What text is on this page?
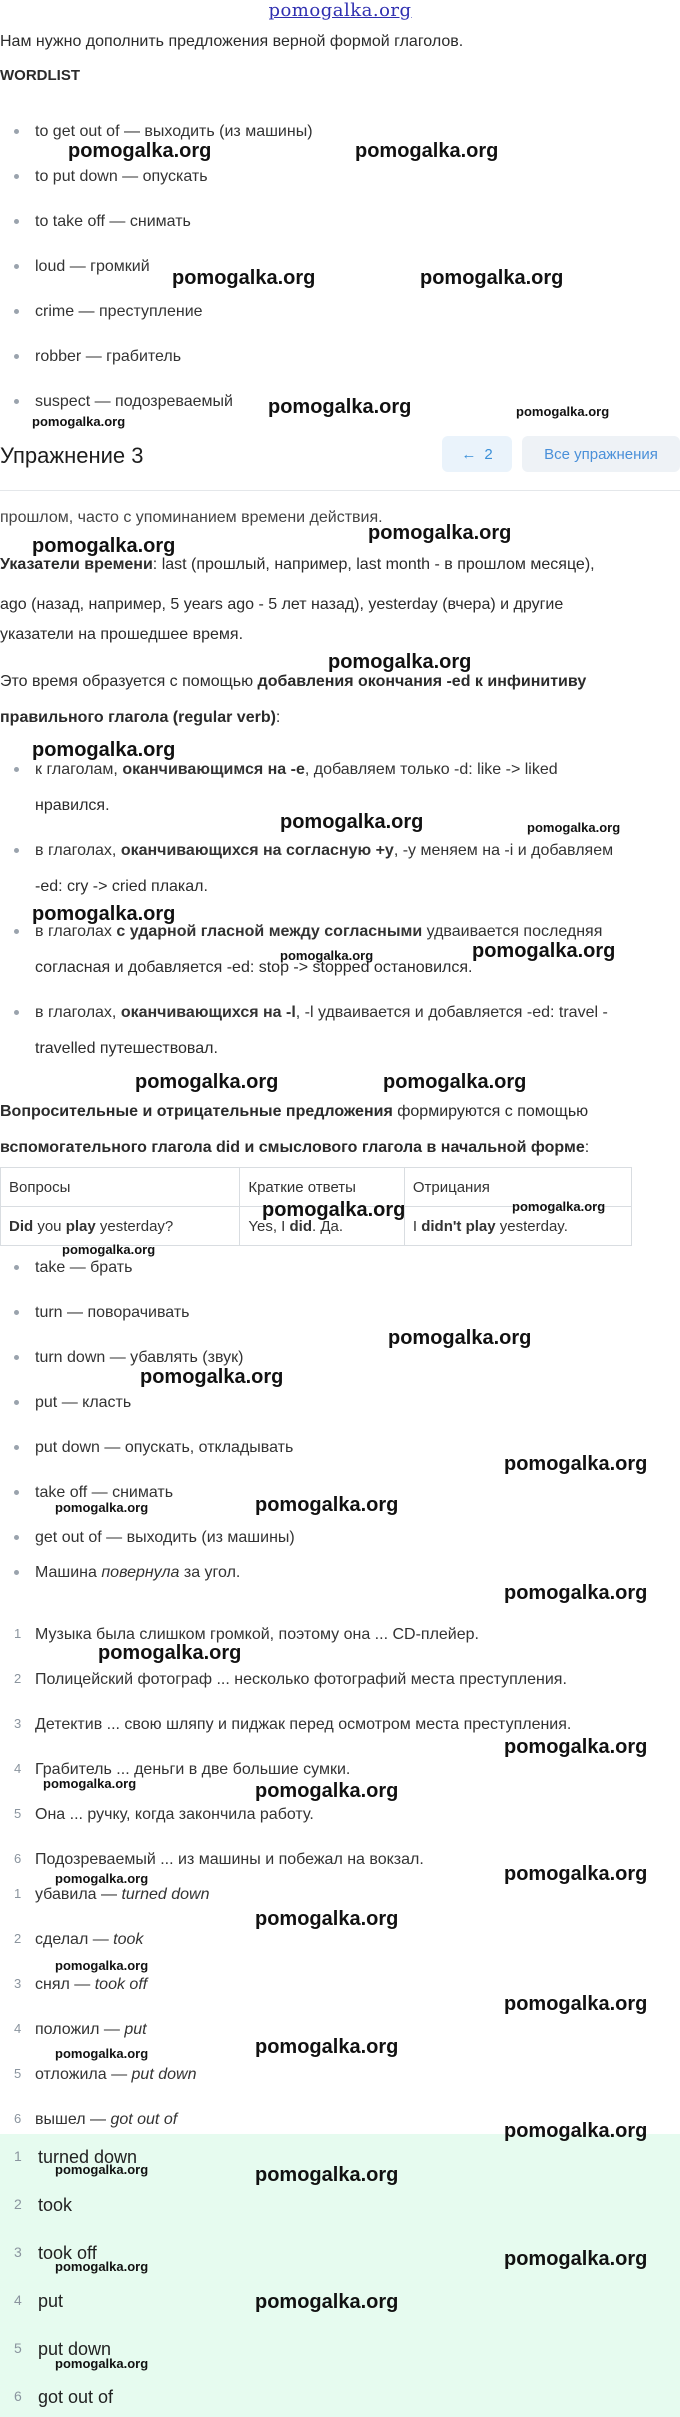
pomogalka.org
Нам нужно дополнить предложения верной формой глаголов.
WORDLIST
to get out of — выходить (из машины)
to put down — опускать
to take off — снимать
loud — громкий
crime — преступление
robber — грабитель
suspect — подозреваемый
Упражнение 3	← 2	Все упражнения
прошлом, часто с упоминанием времени действия.
Указатели времени: last (прошлый, например, last month - в прошлом месяце),
ago (назад, например, 5 years ago - 5 лет назад), yesterday (вчера) и другие
указатели на прошедшее время.
Это время образуется с помощью добавления окончания -ed к инфинитиву
правильного глагола (regular verb):
к глаголам, оканчивающимся на -e, добавляем только -d: like -> liked
нравился.
в глаголах, оканчивающихся на согласную +y, -y меняем на -i и добавляем
-ed: cry -> cried плакал.
в глаголах с ударной гласной между согласными удваивается последняя
согласная и добавляется -ed: stop -> stopped остановился.
в глаголах, оканчивающихся на -l, -l удваивается и добавляется -ed: travel -
travelled путешествовал.
Вопросительные и отрицательные предложения формируются с помощью
вспомогательного глагола did и смыслового глагола в начальной форме:
Вопросы	Краткие ответы	Отрицания
Did you play yesterday?	Yes, I did. Да.	I didn't play yesterday.
take — брать
turn — поворачивать
turn down — убавлять (звук)
put — класть
put down — опускать, откладывать
take off — снимать
get out of — выходить (из машины)
Машина повернула за угол.
1 Музыка была слишком громкой, поэтому она ... CD-плейер.
2 Полицейский фотограф ... несколько фотографий места преступления.
3 Детектив ... свою шляпу и пиджак перед осмотром места преступления.
4 Грабитель ... деньги в две большие сумки.
5 Она ... ручку, когда закончила работу.
6 Подозреваемый ... из машины и побежал на вокзал.
1 убавила — turned down
2 сделал — took
3 снял — took off
4 положил — put
5 отложила — put down
6 вышел — got out of
1 turned down
2 took
3 took off
4 put
5 put down
6 got out of
pomogalka.org	pomogalka.org
pomogalka.org	pomogalka.org
pomogalka.org
pomogalka.org
pomogalka.org
pomogalka.org
pomogalka.org
pomogalka.org
pomogalka.org
pomogalka.org	pomogalka.org
pomogalka.org
pomogalka.org	pomogalka.org
pomogalka.org	pomogalka.org
pomogalka.org	pomogalka.org
pomogalka.org
pomogalka.org
pomogalka.org
pomogalka.org
pomogalka.org
pomogalka.org
pomogalka.org
pomogalka.org
pomogalka.org
pomogalka.org
pomogalka.org
pomogalka.org	pomogalka.org
pomogalka.org
pomogalka.org
pomogalka.org
pomogalka.org	pomogalka.org
pomogalka.org
pomogalka.org	pomogalka.org
pomogalka.org	pomogalka.org
pomogalka.org
pomogalka.org
